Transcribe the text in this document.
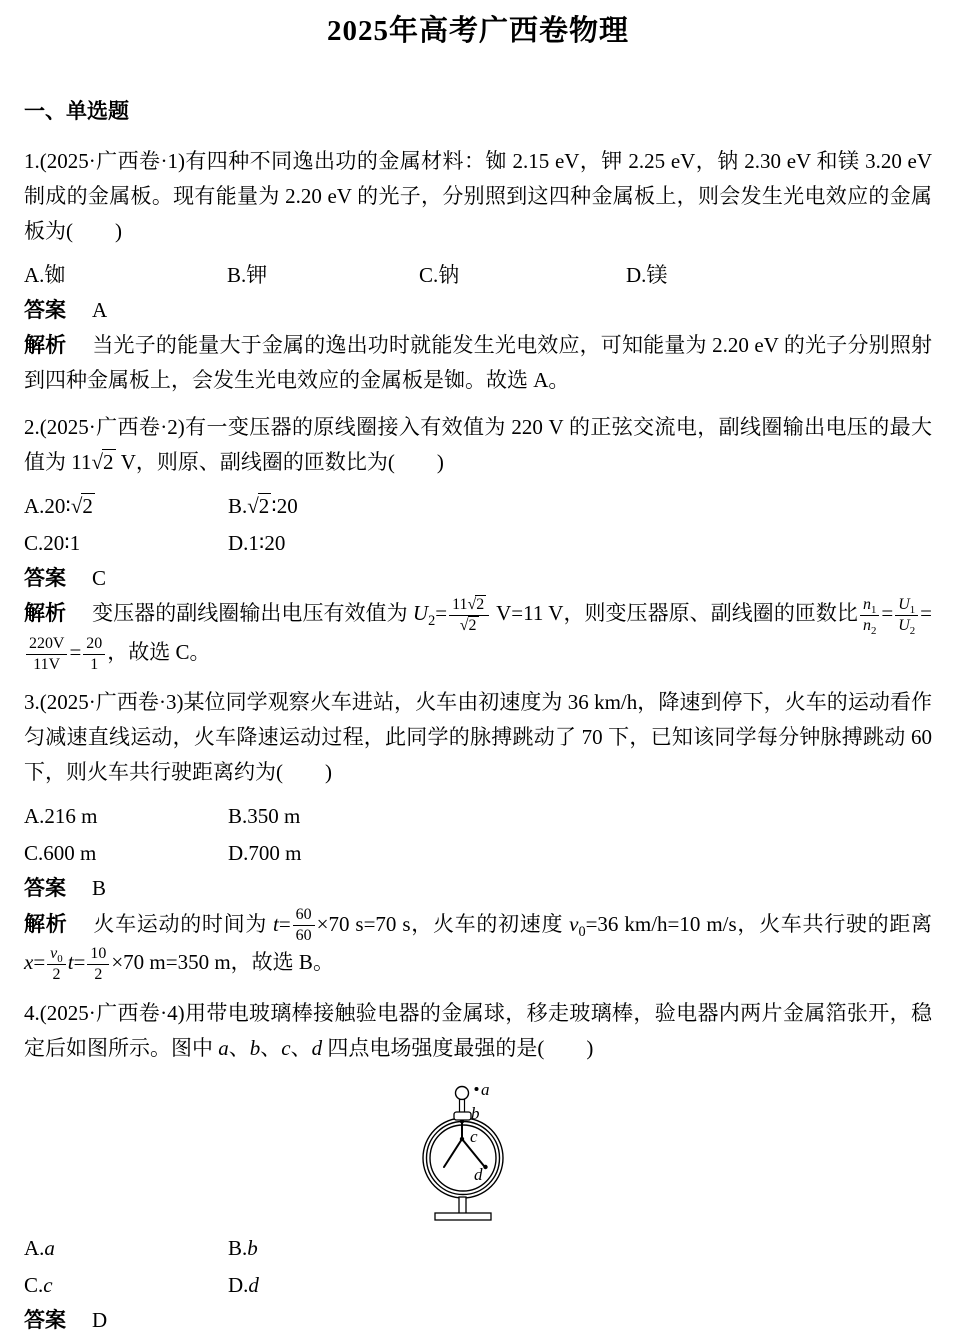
2025年高考广西卷物理
一、单选题

1.(2025·广西卷·1)有四种不同逸出功的金属材料：铷 2.15 eV，钾 2.25 eV，钠 2.30 eV 和镁 3.20 eV 制成的金属板。现有能量为 2.20 eV 的光子，分别照到这四种金属板上，则会发生光电效应的金属板为(　　)

A.铷	B.钾	C.钠	D.镁

答案 A

解析 当光子的能量大于金属的逸出功时就能发生光电效应，可知能量为 2.20 eV 的光子分别照射到四种金属板上，会发生光电效应的金属板是铷。故选 A。

2.(2025·广西卷·2)有一变压器的原线圈接入有效值为 220 V 的正弦交流电，副线圈输出电压的最大值为 11√2 V，则原、副线圈的匝数比为(　　)

A.20∶√2	B.√2∶20
C.20∶1	D.1∶20

答案 C

解析 变压器的副线圈输出电压有效值为 $U_2= \frac{11√2}{√2} V=11$ V，则变压器原、副线圈的匝数比 $\frac{n_1}{n_2} = \frac{U_1}{U_2}$ =
$\frac{220V}{11V} = \frac{20}{1}$ ，故选 C。

3.(2025·广西卷·3)某位同学观察火车进站，火车由初速度为 36 km/h，降速到停下，火车的运动看作匀减速直线运动，火车降速运动过程，此同学的脉搏跳动了 70 下，已知该同学每分钟脉搏跳动 60 下，则火车共行驶距离约为(　　)

A.216 m	B.350 m
C.600 m	D.700 m

答案 B

解析 火车运动的时间为 $t= \frac{60}{60} \times 70$ s=70 s，火车的初速度 $v_0=36$ km/h=10 m/s，火车共行驶的距离 $x= \frac{v_0}{2} t= \frac{10}{2} \times 70$ m=350 m，故选 B。

4.(2025·广西卷·4)用带电玻璃棒接触验电器的金属球，移走玻璃棒，验电器内两片金属箔张开，稳定后如图所示。图中 a、b、c、d 四点电场强度最强的是(　　)

a
b
c
d
A.a	B.b
C.c	D.d

答案 D
